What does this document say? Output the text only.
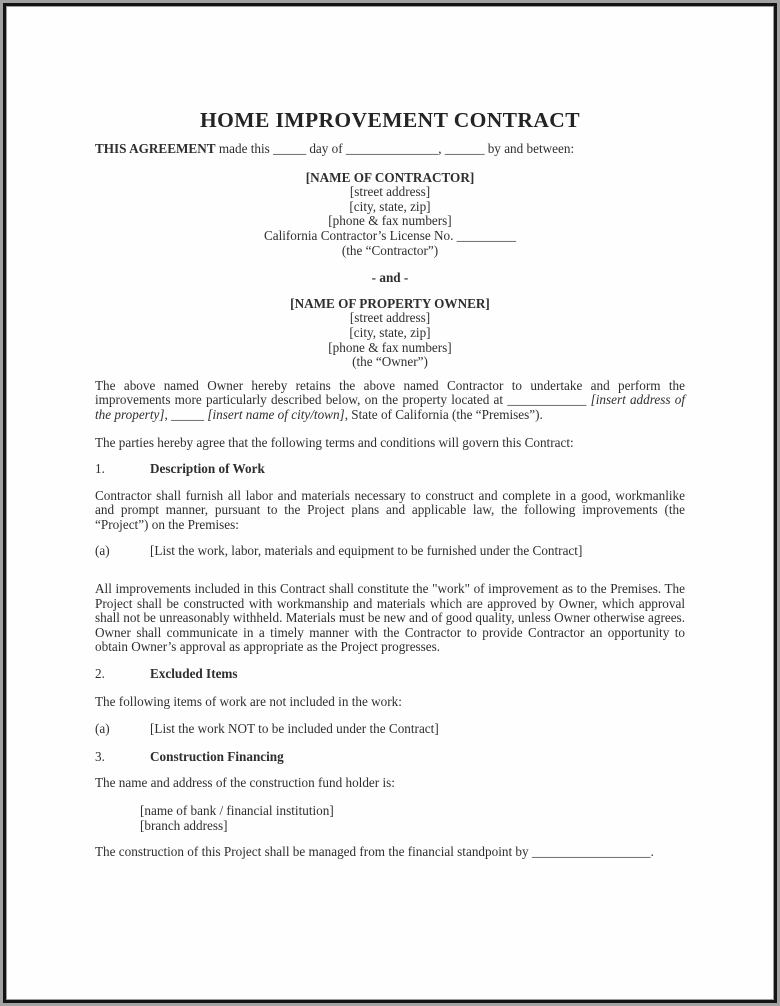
HOME IMPROVEMENT CONTRACT

THIS AGREEMENT made this _____ day of ______________, ______ by and between:

[NAME OF CONTRACTOR]
[street address]
[city, state, zip]
[phone & fax numbers]
California Contractor’s License No. _________
(the “Contractor”)

- and -

[NAME OF PROPERTY OWNER]
[street address]
[city, state, zip]
[phone & fax numbers]
(the “Owner”)

The above named Owner hereby retains the above named Contractor to undertake and perform the improvements more particularly described below, on the property located at ____________ [insert address of the property], _____ [insert name of city/town], State of California (the “Premises”).

The parties hereby agree that the following terms and conditions will govern this Contract:

1.	Description of Work

Contractor shall furnish all labor and materials necessary to construct and complete in a good, workmanlike and prompt manner, pursuant to the Project plans and applicable law, the following improvements (the “Project”) on the Premises:

(a)	[List the work, labor, materials and equipment to be furnished under the Contract]

All improvements included in this Contract shall constitute the "work" of improvement as to the Premises. The Project shall be constructed with workmanship and materials which are approved by Owner, which approval shall not be unreasonably withheld. Materials must be new and of good quality, unless Owner otherwise agrees. Owner shall communicate in a timely manner with the Contractor to provide Contractor an opportunity to obtain Owner’s approval as appropriate as the Project progresses.

2.	Excluded Items

The following items of work are not included in the work:

(a)	[List the work NOT to be included under the Contract]

3.	Construction Financing

The name and address of the construction fund holder is:

[name of bank / financial institution]
[branch address]

The construction of this Project shall be managed from the financial standpoint by __________________.
